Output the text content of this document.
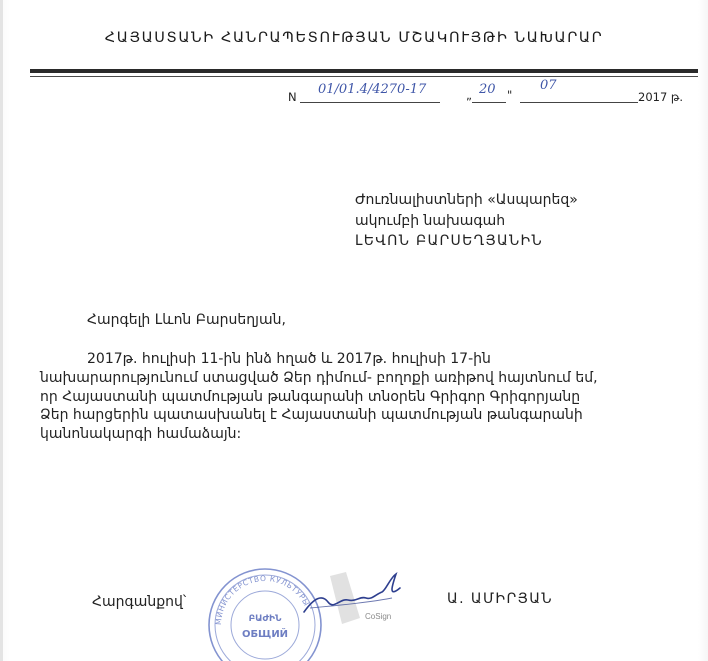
ՀԱՅԱՍՏԱՆԻ ՀԱՆՐԱՊԵՏՈՒԹՅԱՆ ՄՇԱԿՈՒՅԹԻ ՆԱԽԱՐԱՐ
N 01/01.4/4270-17	„ 20 "
07
2017 թ.
Ժուռնալիստների «Ասպարեզ»
ակումբի նախագահ
ԼԵՎՈՆ ԲԱՐՍԵՂՅԱՆԻՆ
Հարգելի Լևոն Բարսեղյան,
2017թ. հուլիսի 11-ին ինձ հղած և 2017թ. հուլիսի 17-ին
նախարարությունում ստացված Ձեր դիմում- բողոքի առիթով հայտնում եմ,
որ Հայաստանի պատմության թանգարանի տնօրեն Գրիգոր Գրիգորյանը
Ձեր հարցերին պատասխանել է Հայաստանի պատմության թանգարանի
կանոնակարգի համաձայն:
Հարգանքով՝
МИНИСТЕРСТВО КУЛЬТУРЫ
ԲԱԺԻՆ
ОБЩИЙ
CoSign
Ա. ԱՄԻՐՅԱՆ
